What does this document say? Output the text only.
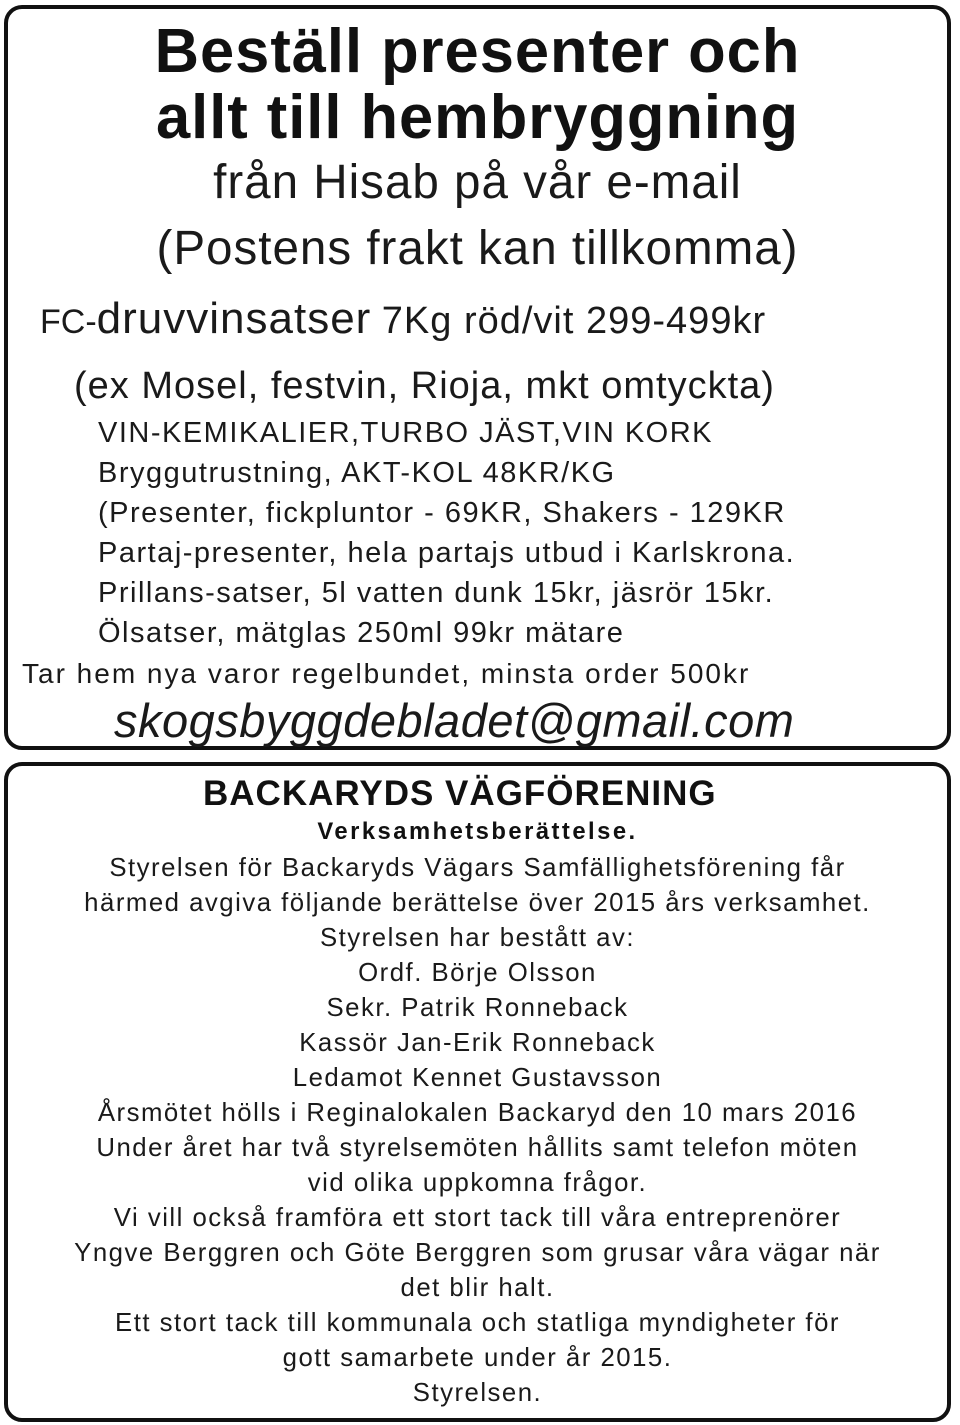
Beställ presenter och
allt till hembryggning
från Hisab på vår e-mail
(Postens frakt kan tillkomma)
FC-druvvinsatser 7Kg röd/vit 299-499kr
(ex Mosel, festvin, Rioja, mkt omtyckta)
VIN-KEMIKALIER,TURBO JÄST,VIN KORK
Bryggutrustning, AKT-KOL 48KR/KG
(Presenter, fickpluntor - 69KR, Shakers - 129KR
Partaj-presenter, hela partajs utbud i Karlskrona.
Prillans-satser, 5l vatten dunk 15kr, jäsrör 15kr.
Ölsatser, mätglas 250ml 99kr mätare
Tar hem nya varor regelbundet, minsta order 500kr
skogsbyggdebladet@gmail.com
BACKARYDS VÄGFÖRENING
Verksamhetsberättelse.
Styrelsen för Backaryds Vägars Samfällighetsförening får
härmed avgiva följande berättelse över 2015 års verksamhet.
Styrelsen har bestått av:
Ordf. Börje Olsson
Sekr. Patrik Ronneback
Kassör Jan-Erik Ronneback
Ledamot Kennet Gustavsson
Årsmötet hölls i Reginalokalen Backaryd den 10 mars 2016
Under året har två styrelsemöten hållits samt telefon möten
vid olika uppkomna frågor.
Vi vill också framföra ett stort tack till våra entreprenörer
Yngve Berggren och Göte Berggren som grusar våra vägar när
det blir halt.
Ett stort tack till kommunala och statliga myndigheter för
gott samarbete under år 2015.
Styrelsen.
